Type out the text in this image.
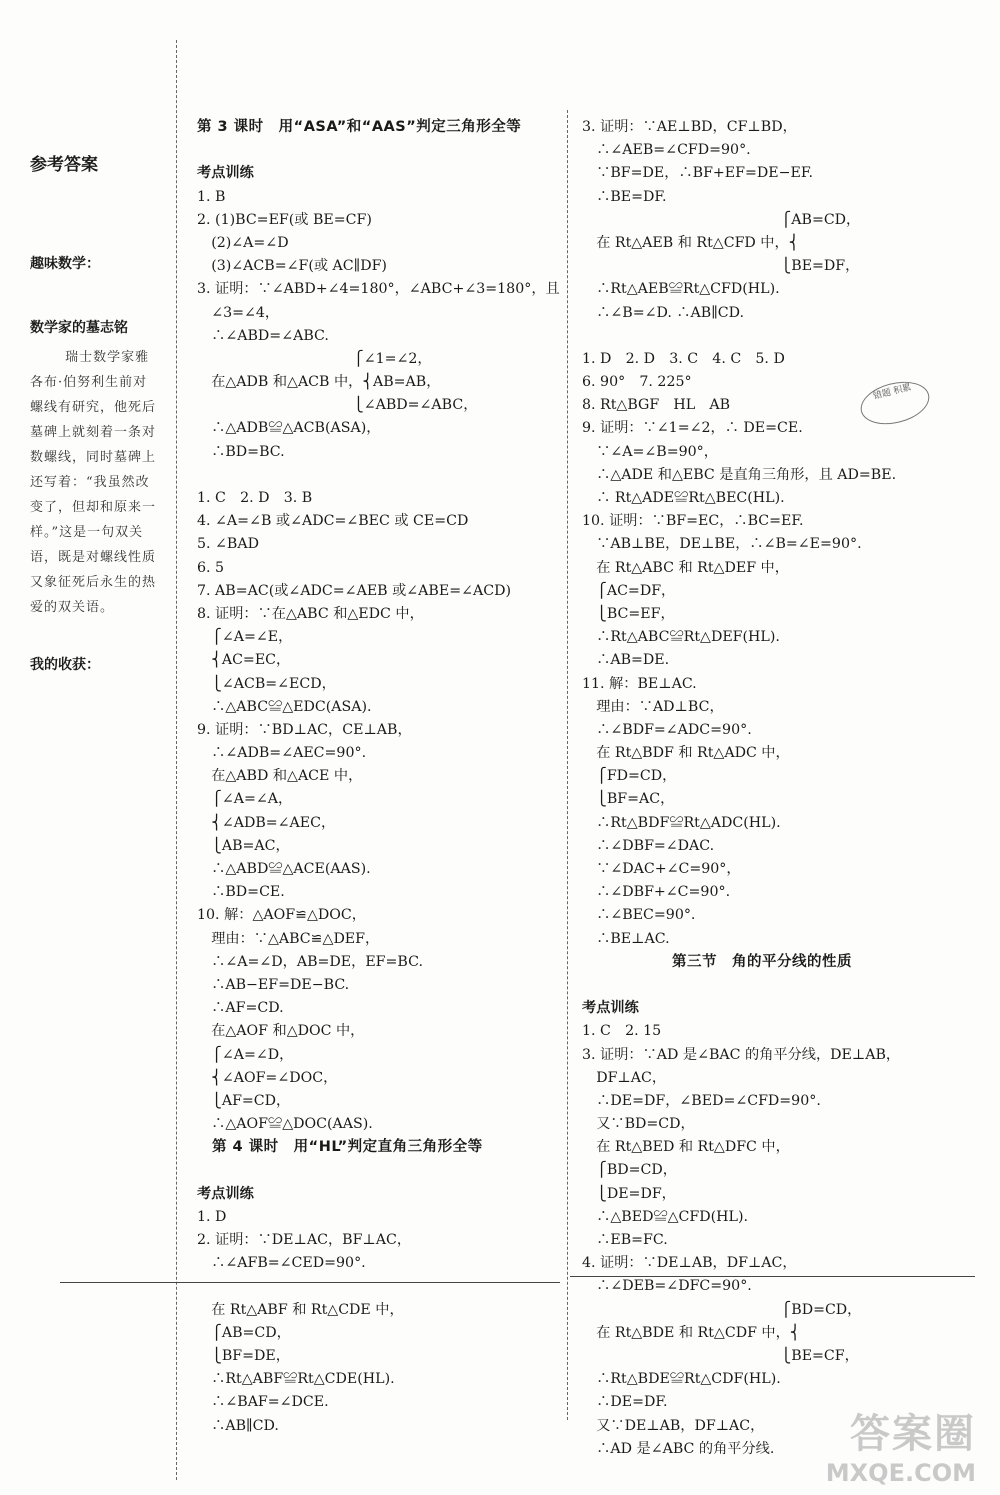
参考答案
趣味数学：
数学家的墓志铭
瑞士数学家雅各布·伯努利生前对螺线有研究，他死后墓碑上就刻着一条对数螺线，同时墓碑上还写着：“我虽然改变了，但却和原来一样。”这是一句双关语，既是对螺线性质又象征死后永生的热爱的双关语。
我的收获：
第 3 课时　用“ASA”和“AAS”判定三角形全等
考点训练
1. B
2. (1)BC=EF(或 BE=CF)
　(2)∠A=∠D
　(3)∠ACB=∠F(或 AC∥DF)
3. 证明：∵∠ABD+∠4=180°，∠ABC+∠3=180°，且
　∠3=∠4，
　∴∠ABD=∠ABC.
　　　　　　　　　　　⎧∠1=∠2，
　在△ADB 和△ACB 中，⎨AB=AB，
　　　　　　　　　　　⎩∠ABD=∠ABC，
　∴△ADB≌△ACB(ASA)，
　∴BD=BC.
1. C　2. D　3. B
4. ∠A=∠B 或∠ADC=∠BEC 或 CE=CD
5. ∠BAD
6. 5
7. AB=AC(或∠ADC=∠AEB 或∠ABE=∠ACD)
8. 证明：∵在△ABC 和△EDC 中，
　⎧∠A=∠E，
　⎨AC=EC，
　⎩∠ACB=∠ECD，
　∴△ABC≌△EDC(ASA).
9. 证明：∵BD⊥AC，CE⊥AB，
　∴∠ADB=∠AEC=90°.
　在△ABD 和△ACE 中，
　⎧∠A=∠A，
　⎨∠ADB=∠AEC，
　⎩AB=AC，
　∴△ABD≌△ACE(AAS).
　∴BD=CE.
10. 解：△AOF≌△DOC，
　理由：∵△ABC≌△DEF，
　∴∠A=∠D，AB=DE，EF=BC.
　∴AB−EF=DE−BC.
　∴AF=CD.
　在△AOF 和△DOC 中，
　⎧∠A=∠D，
　⎨∠AOF=∠DOC，
　⎩AF=CD，
　∴△AOF≌△DOC(AAS).
　第 4 课时　用“HL”判定直角三角形全等
考点训练
1. D
2. 证明：∵DE⊥AC，BF⊥AC，
　∴∠AFB=∠CED=90°.
　在 Rt△ABF 和 Rt△CDE 中，
　⎧AB=CD，
　⎩BF=DE，
　∴Rt△ABF≌Rt△CDE(HL).
　∴∠BAF=∠DCE.
　∴AB∥CD.
3. 证明：∵AE⊥BD，CF⊥BD，
　∴∠AEB=∠CFD=90°.
　∵BF=DE，∴BF+EF=DE−EF.
　∴BE=DF.
　　　　　　　　　　　　　　⎧AB=CD，
　在 Rt△AEB 和 Rt△CFD 中，⎨
　　　　　　　　　　　　　　⎩BE=DF，
　∴Rt△AEB≌Rt△CFD(HL).
　∴∠B=∠D. ∴AB∥CD.
1. D　2. D　3. C　4. C　5. D
6. 90°　7. 225°
8. Rt△BGF　HL　AB
9. 证明：∵∠1=∠2，∴ DE=CE.
　∵∠A=∠B=90°，
　∴△ADE 和△EBC 是直角三角形，且 AD=BE.
　∴ Rt△ADE≌Rt△BEC(HL).
10. 证明：∵BF=EC，∴BC=EF.
　∵AB⊥BE，DE⊥BE，∴∠B=∠E=90°.
　在 Rt△ABC 和 Rt△DEF 中，
　⎧AC=DF，
　⎩BC=EF，
　∴Rt△ABC≌Rt△DEF(HL).
　∴AB=DE.
11. 解：BE⊥AC.
　理由：∵AD⊥BC，
　∴∠BDF=∠ADC=90°.
　在 Rt△BDF 和 Rt△ADC 中，
　⎧FD=CD，
　⎩BF=AC，
　∴Rt△BDF≌Rt△ADC(HL).
　∴∠DBF=∠DAC.
　∵∠DAC+∠C=90°，
　∴∠DBF+∠C=90°.
　∴∠BEC=90°.
　∴BE⊥AC.
　　　　　　第三节　角的平分线的性质
考点训练
1. C　2. 15
3. 证明：∵AD 是∠BAC 的角平分线，DE⊥AB，
　DF⊥AC，
　∴DE=DF，∠BED=∠CFD=90°.
　又∵BD=CD，
　在 Rt△BED 和 Rt△DFC 中，
　⎧BD=CD，
　⎩DE=DF，
　∴△BED≌△CFD(HL).
　∴EB=FC.
4. 证明：∵DE⊥AB，DF⊥AC，
　∴∠DEB=∠DFC=90°.
　　　　　　　　　　　　　　⎧BD=CD，
　在 Rt△BDE 和 Rt△CDF 中，⎨
　　　　　　　　　　　　　　⎩BE=CF，
　∴Rt△BDE≌Rt△CDF(HL).
　∴DE=DF.
　又∵DE⊥AB，DF⊥AC，
　∴AD 是∠ABC 的角平分线.
错题 积累
答案圈
MXQE.COM
